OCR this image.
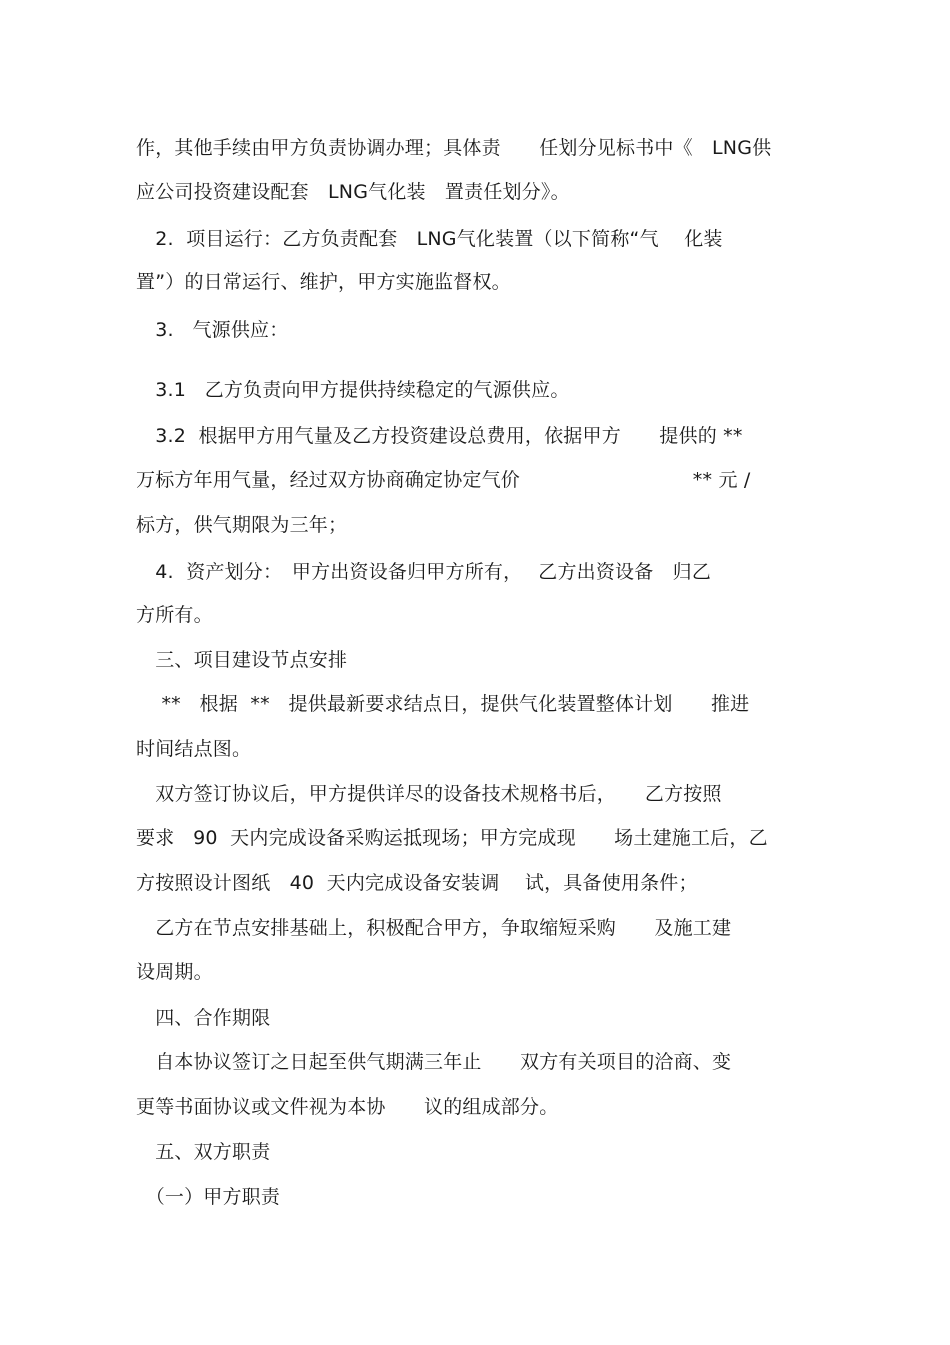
作，其他手续由甲方负责协调办理；具体责　　任划分见标书中《　LNG供
应公司投资建设配套　LNG气化装　置责任划分》。
　2.  项目运行：乙方负责配套　LNG气化装置（以下简称“气　 化装
置”）的日常运行、维护，甲方实施监督权。
　3.   气源供应：
　3.1   乙方负责向甲方提供持续稳定的气源供应。
　3.2  根据甲方用气量及乙方投资建设总费用，依据甲方　　提供的 **
万标方年用气量，经过双方协商确定协定气价　　　　　　　　　** 元 /
标方，供气期限为三年；
　4.  资产划分：　甲方出资设备归甲方所有，　 乙方出资设备　归乙
方所有。
　三、项目建设节点安排
　 **   根据  **   提供最新要求结点日，提供气化装置整体计划　　推进
时间结点图。
　双方签订协议后，甲方提供详尽的设备技术规格书后，　　乙方按照
要求   90  天内完成设备采购运抵现场；甲方完成现　　场土建施工后，乙
方按照设计图纸　40  天内完成设备安装调　 试，具备使用条件；
　乙方在节点安排基础上，积极配合甲方，争取缩短采购　　及施工建
设周期。
　四、合作期限
　自本协议签订之日起至供气期满三年止　　双方有关项目的洽商、变
更等书面协议或文件视为本协　　议的组成部分。
　五、双方职责
　（一）甲方职责
